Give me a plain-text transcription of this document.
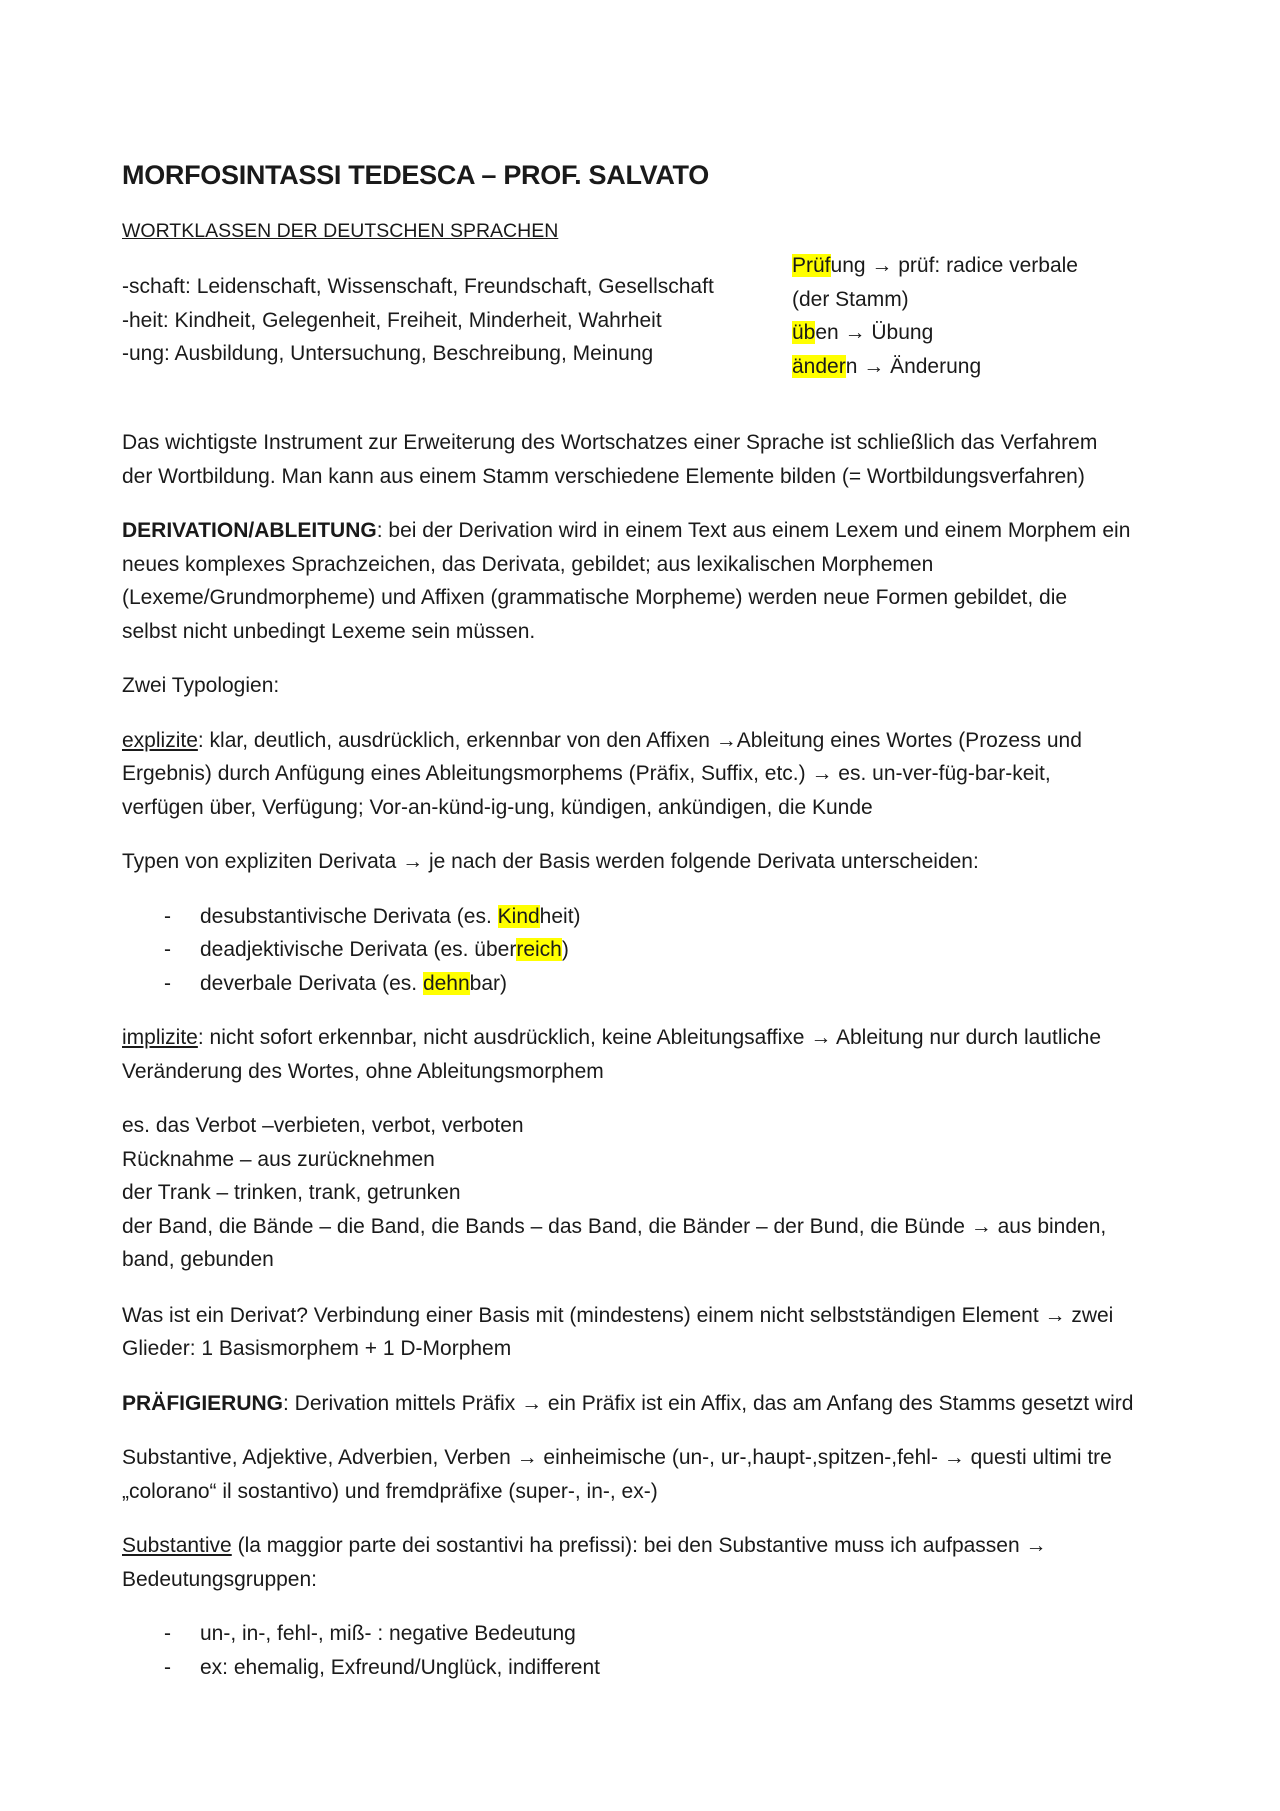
MORFOSINTASSI TEDESCA – PROF. SALVATO
WORTKLASSEN DER DEUTSCHEN SPRACHEN
-schaft: Leidenschaft, Wissenschaft, Freundschaft, Gesellschaft
-heit: Kindheit, Gelegenheit, Freiheit, Minderheit, Wahrheit
-ung: Ausbildung, Untersuchung, Beschreibung, Meinung
Prüfung → prüf: radice verbale
(der Stamm)
üben → Übung
ändern → Änderung

Das wichtigste Instrument zur Erweiterung des Wortschatzes einer Sprache ist schließlich das Verfahrem
der Wortbildung. Man kann aus einem Stamm verschiedene Elemente bilden (= Wortbildungsverfahren)

DERIVATION/ABLEITUNG: bei der Derivation wird in einem Text aus einem Lexem und einem Morphem ein
neues komplexes Sprachzeichen, das Derivata, gebildet; aus lexikalischen Morphemen
(Lexeme/Grundmorpheme) und Affixen (grammatische Morpheme) werden neue Formen gebildet, die
selbst nicht unbedingt Lexeme sein müssen.

Zwei Typologien:

explizite: klar, deutlich, ausdrücklich, erkennbar von den Affixen →Ableitung eines Wortes (Prozess und
Ergebnis) durch Anfügung eines Ableitungsmorphems (Präfix, Suffix, etc.) → es. un-ver-füg-bar-keit,
verfügen über, Verfügung; Vor-an-künd-ig-ung, kündigen, ankündigen, die Kunde

Typen von expliziten Derivata → je nach der Basis werden folgende Derivata unterscheiden:

- desubstantivische Derivata (es. Kindheit)
- deadjektivische Derivata (es. überreich)
- deverbale Derivata (es. dehnbar)

implizite: nicht sofort erkennbar, nicht ausdrücklich, keine Ableitungsaffixe → Ableitung nur durch lautliche
Veränderung des Wortes, ohne Ableitungsmorphem

es. das Verbot –verbieten, verbot, verboten
Rücknahme – aus zurücknehmen
der Trank – trinken, trank, getrunken
der Band, die Bände – die Band, die Bands – das Band, die Bänder – der Bund, die Bünde → aus binden,
band, gebunden

Was ist ein Derivat? Verbindung einer Basis mit (mindestens) einem nicht selbstständigen Element → zwei
Glieder: 1 Basismorphem + 1 D-Morphem

PRÄFIGIERUNG: Derivation mittels Präfix → ein Präfix ist ein Affix, das am Anfang des Stamms gesetzt wird

Substantive, Adjektive, Adverbien, Verben → einheimische (un-, ur-,haupt-,spitzen-,fehl- → questi ultimi tre
„colorano“ il sostantivo) und fremdpräfixe (super-, in-, ex-)

Substantive (la maggior parte dei sostantivi ha prefissi): bei den Substantive muss ich aufpassen →
Bedeutungsgruppen:

- un-, in-, fehl-, miß- : negative Bedeutung
- ex: ehemalig, Exfreund/Unglück, indifferent
